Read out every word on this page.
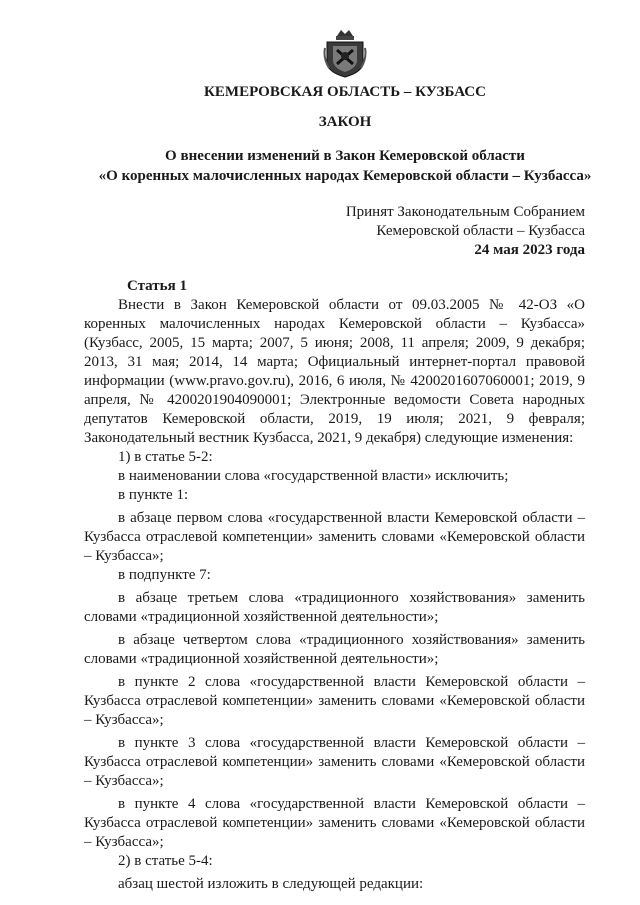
КЕМЕРОВСКАЯ ОБЛАСТЬ – КУЗБАСС
ЗАКОН
О внесении изменений в Закон Кемеровской области
«О коренных малочисленных народах Кемеровской области – Кузбасса»
Принят Законодательным Собранием
Кемеровской области – Кузбасса
24 мая 2023 года
Статья 1

Внести в Закон Кемеровской области от 09.03.2005 № 42-ОЗ «О коренных малочисленных народах Кемеровской области – Кузбасса» (Кузбасс, 2005, 15 марта; 2007, 5 июня; 2008, 11 апреля; 2009, 9 декабря; 2013, 31 мая; 2014, 14 марта; Официальный интернет-портал правовой информации (www.pravo.gov.ru), 2016, 6 июля, № 4200201607060001; 2019, 9 апреля, № 4200201904090001; Электронные ведомости Совета народных депутатов Кемеровской области, 2019, 19 июля; 2021, 9 февраля; Законодательный вестник Кузбасса, 2021, 9 декабря) следующие изменения:

1) в статье 5-2:

в наименовании слова «государственной власти» исключить;

в пункте 1:

в абзаце первом слова «государственной власти Кемеровской области – Кузбасса отраслевой компетенции» заменить словами «Кемеровской области – Кузбасса»;

в подпункте 7:

в абзаце третьем слова «традиционного хозяйствования» заменить словами «традиционной хозяйственной деятельности»;

в абзаце четвертом слова «традиционного хозяйствования» заменить словами «традиционной хозяйственной деятельности»;

в пункте 2 слова «государственной власти Кемеровской области – Кузбасса отраслевой компетенции» заменить словами «Кемеровской области – Кузбасса»;

в пункте 3 слова «государственной власти Кемеровской области – Кузбасса отраслевой компетенции» заменить словами «Кемеровской области – Кузбасса»;

в пункте 4 слова «государственной власти Кемеровской области – Кузбасса отраслевой компетенции» заменить словами «Кемеровской области – Кузбасса»;

2) в статье 5-4:

абзац шестой изложить в следующей редакции:
